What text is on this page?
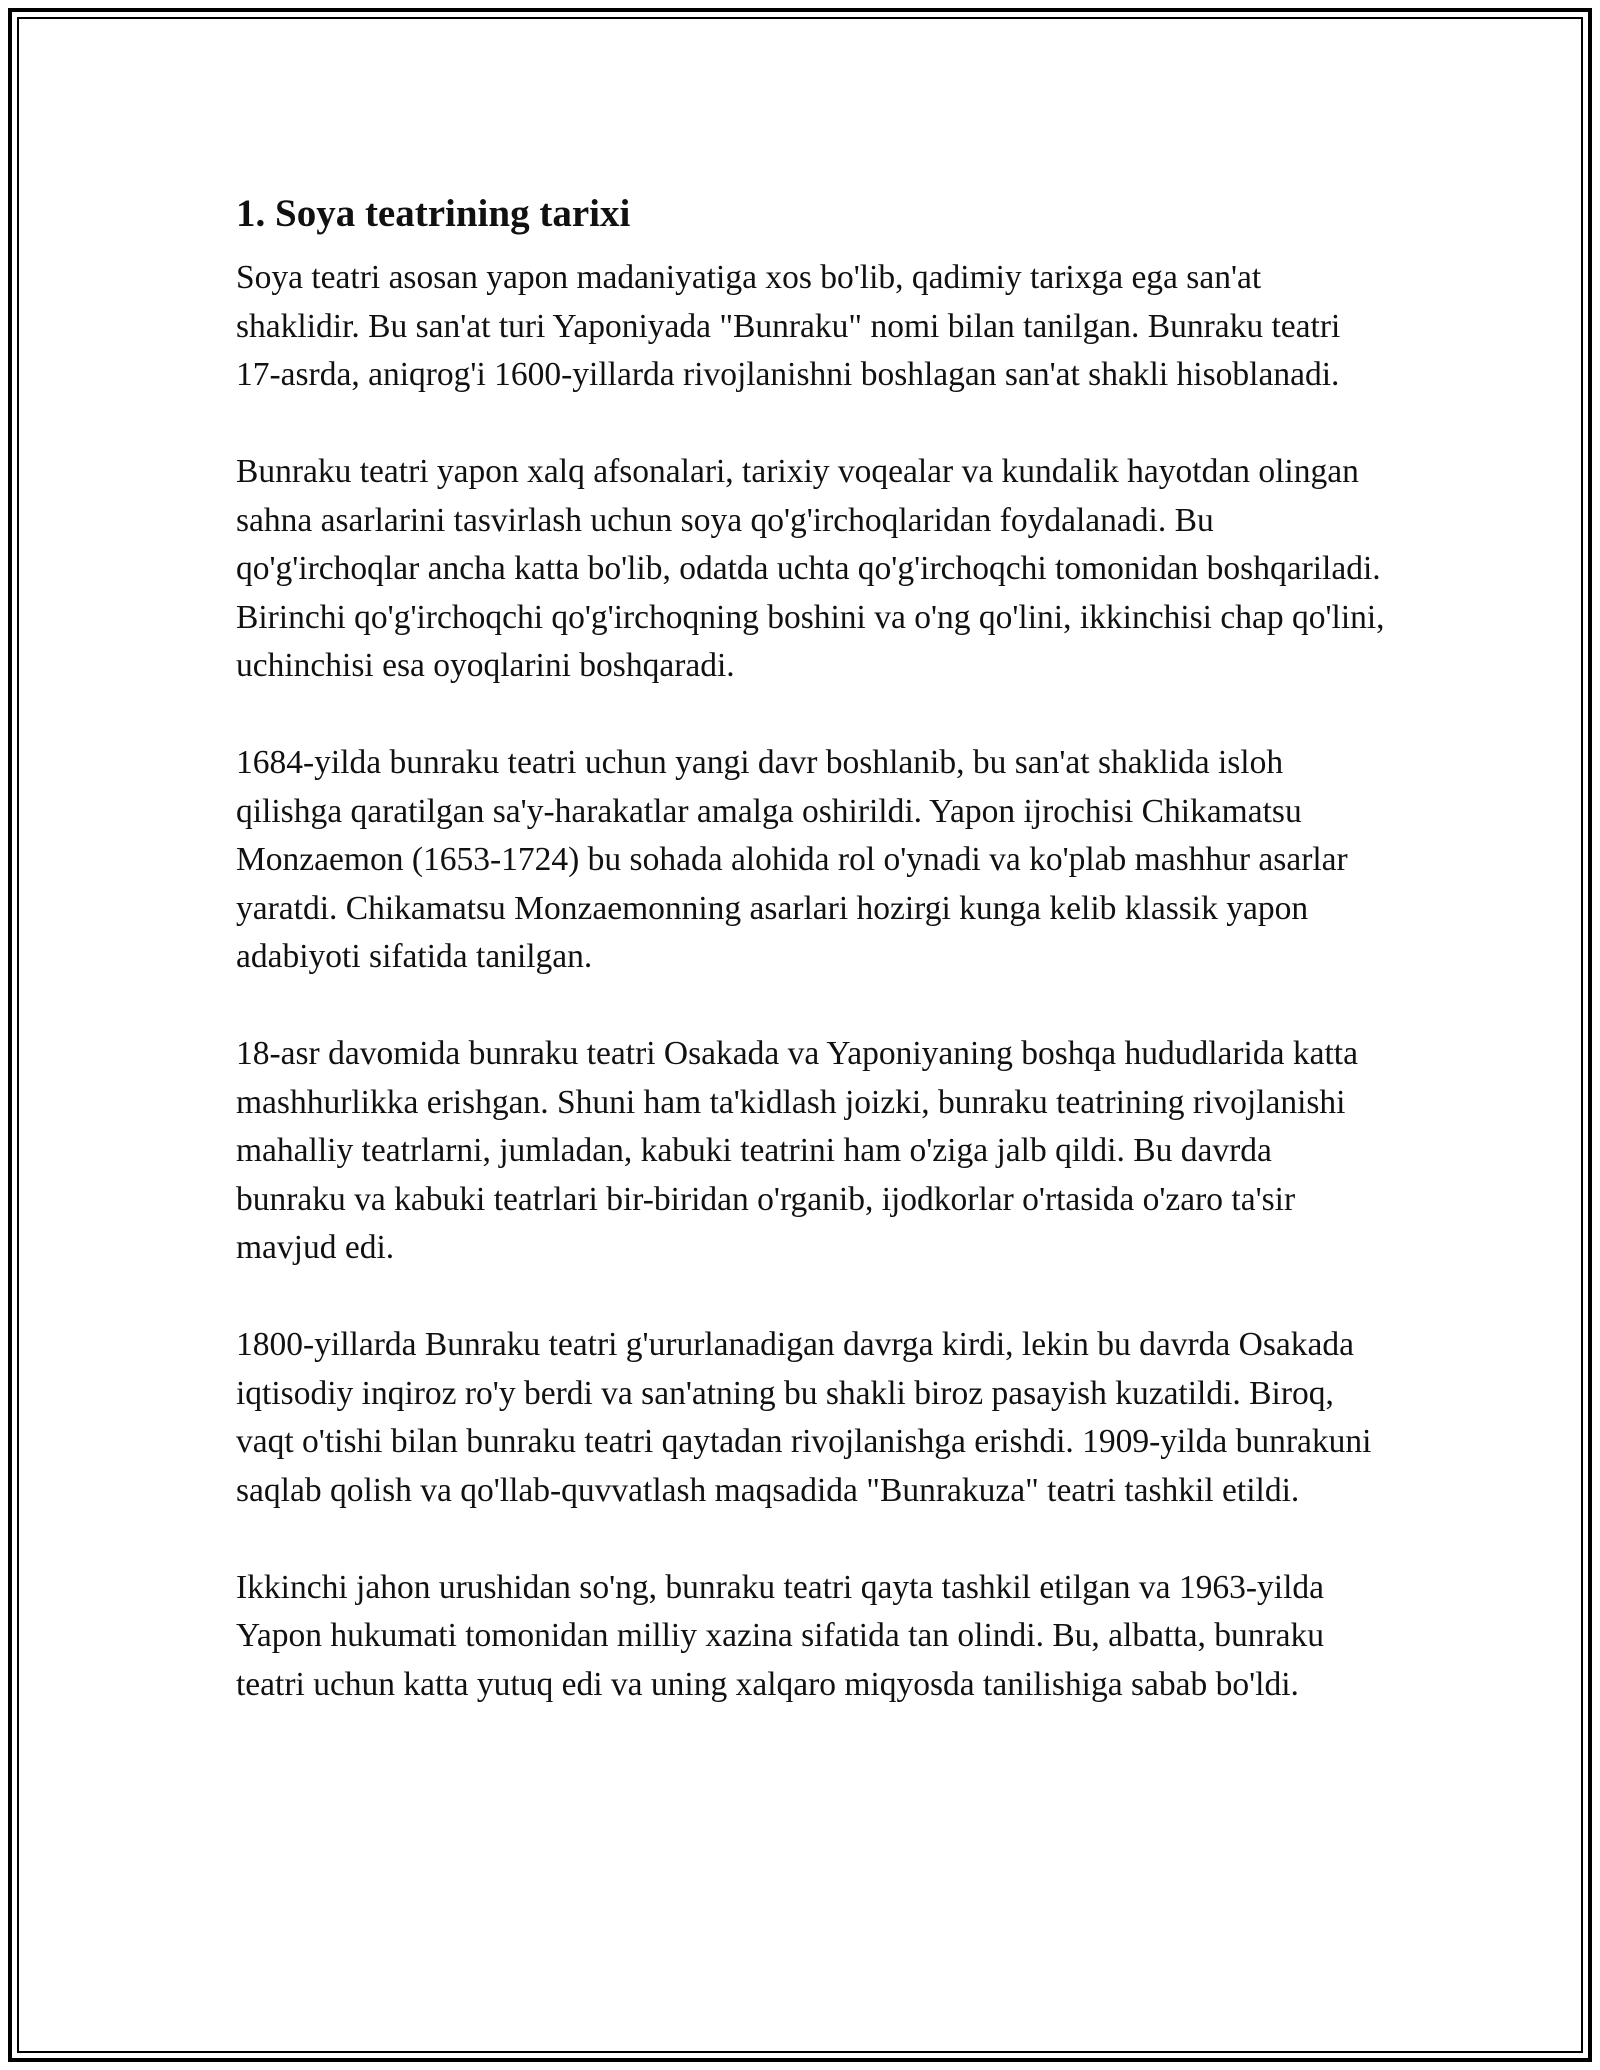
1. Soya teatrining tarixi

Soya teatri asosan yapon madaniyatiga xos bo'lib, qadimiy tarixga ega san'at shaklidir. Bu san'at turi Yaponiyada "Bunraku" nomi bilan tanilgan. Bunraku teatri 17-asrda, aniqrog'i 1600-yillarda rivojlanishni boshlagan san'at shakli hisoblanadi.

Bunraku teatri yapon xalq afsonalari, tarixiy voqealar va kundalik hayotdan olingan sahna asarlarini tasvirlash uchun soya qo'g'irchoqlaridan foydalanadi. Bu qo'g'irchoqlar ancha katta bo'lib, odatda uchta qo'g'irchoqchi tomonidan boshqariladi. Birinchi qo'g'irchoqchi qo'g'irchoqning boshini va o'ng qo'lini, ikkinchisi chap qo'lini, uchinchisi esa oyoqlarini boshqaradi.

1684-yilda bunraku teatri uchun yangi davr boshlanib, bu san'at shaklida isloh qilishga qaratilgan sa'y-harakatlar amalga oshirildi. Yapon ijrochisi Chikamatsu Monzaemon (1653-1724) bu sohada alohida rol o'ynadi va ko'plab mashhur asarlar yaratdi. Chikamatsu Monzaemonning asarlari hozirgi kunga kelib klassik yapon adabiyoti sifatida tanilgan.

18-asr davomida bunraku teatri Osakada va Yaponiyaning boshqa hududlarida katta mashhurlikka erishgan. Shuni ham ta'kidlash joizki, bunraku teatrining rivojlanishi mahalliy teatrlarni, jumladan, kabuki teatrini ham o'ziga jalb qildi. Bu davrda bunraku va kabuki teatrlari bir-biridan o'rganib, ijodkorlar o'rtasida o'zaro ta'sir mavjud edi.

1800-yillarda Bunraku teatri g'ururlanadigan davrga kirdi, lekin bu davrda Osakada iqtisodiy inqiroz ro'y berdi va san'atning bu shakli biroz pasayish kuzatildi. Biroq, vaqt o'tishi bilan bunraku teatri qaytadan rivojlanishga erishdi. 1909-yilda bunrakuni saqlab qolish va qo'llab-quvvatlash maqsadida "Bunrakuza" teatri tashkil etildi.

Ikkinchi jahon urushidan so'ng, bunraku teatri qayta tashkil etilgan va 1963-yilda Yapon hukumati tomonidan milliy xazina sifatida tan olindi. Bu, albatta, bunraku teatri uchun katta yutuq edi va uning xalqaro miqyosda tanilishiga sabab bo'ldi.
